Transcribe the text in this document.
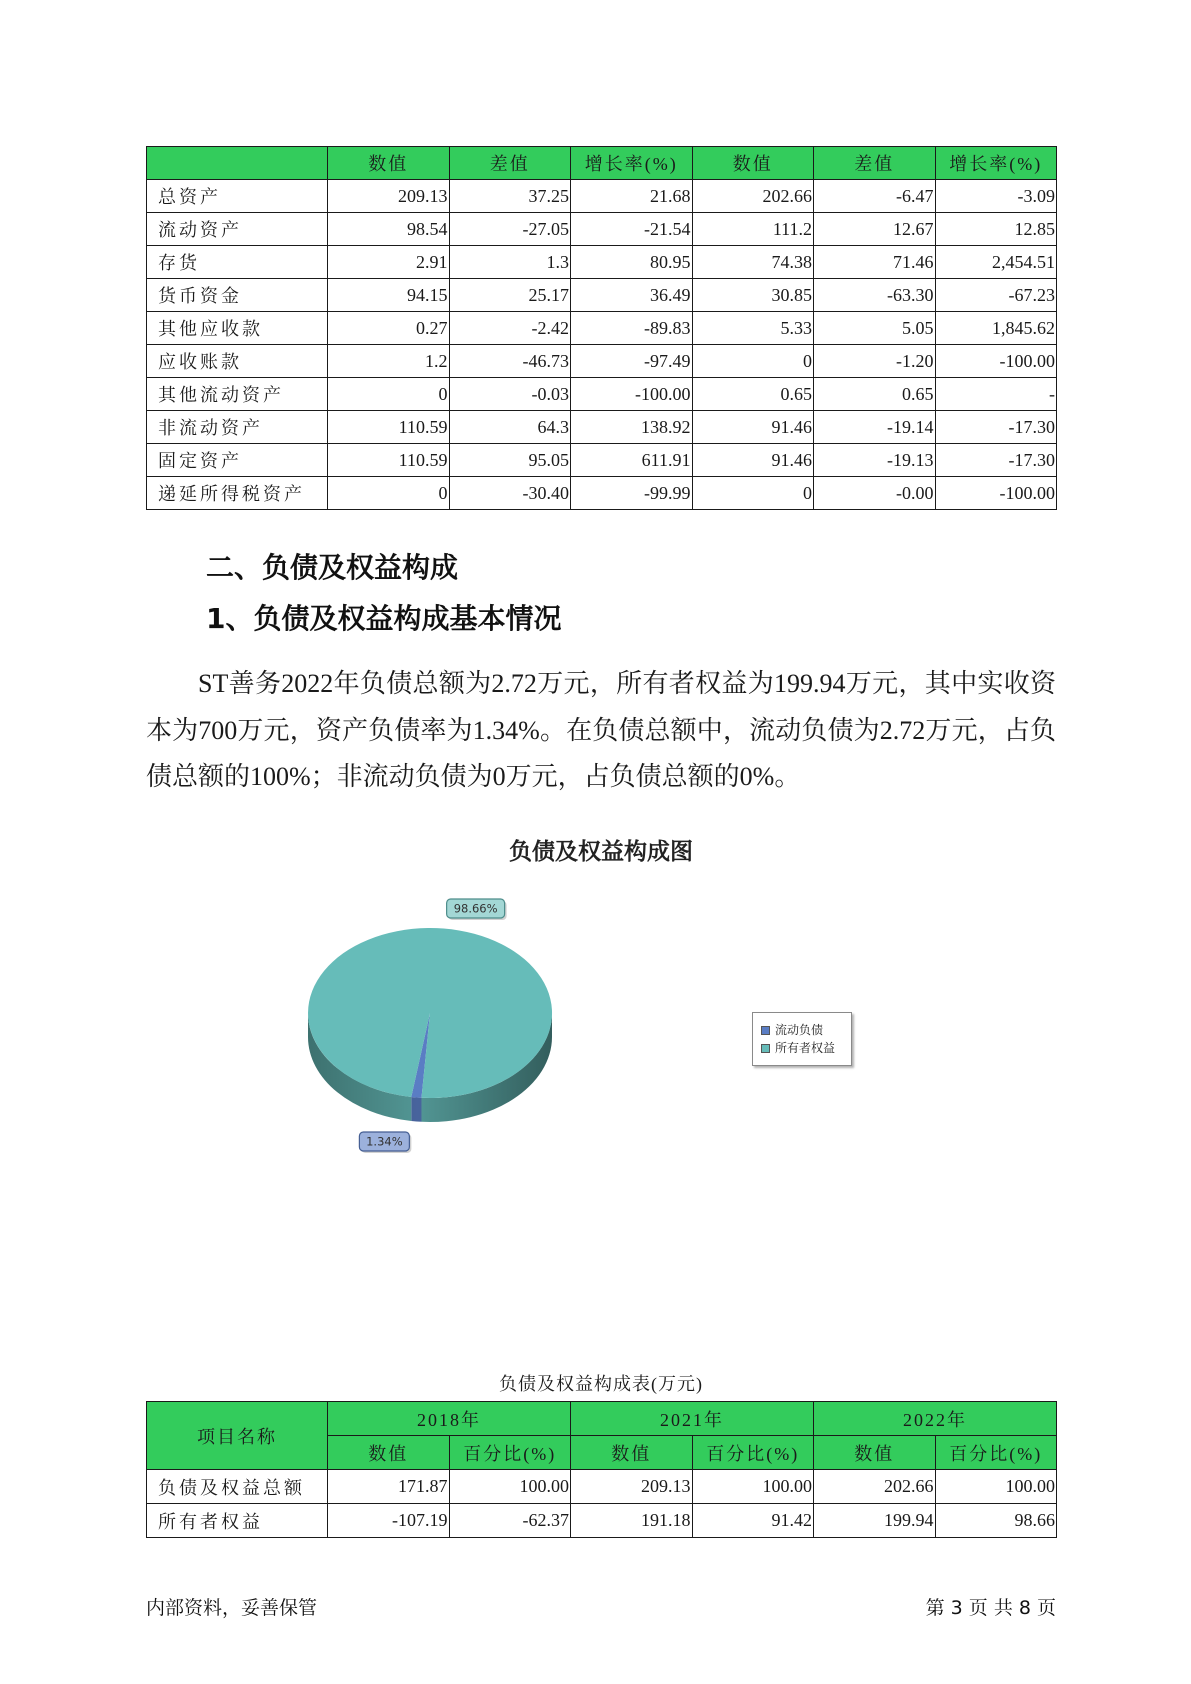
	数值	差值	增长率(%)	数值	差值	增长率(%)
总资产	209.13	37.25	21.68	202.66	-6.47	-3.09
流动资产	98.54	-27.05	-21.54	111.2	12.67	12.85
存货	2.91	1.3	80.95	74.38	71.46	2,454.51
货币资金	94.15	25.17	36.49	30.85	-63.30	-67.23
其他应收款	0.27	-2.42	-89.83	5.33	5.05	1,845.62
应收账款	1.2	-46.73	-97.49	0	-1.20	-100.00
其他流动资产	0	-0.03	-100.00	0.65	0.65	-
非流动资产	110.59	64.3	138.92	91.46	-19.14	-17.30
固定资产	110.59	95.05	611.91	91.46	-19.13	-17.30
递延所得税资产	0	-30.40	-99.99	0	-0.00	-100.00
二、负债及权益构成
1、负债及权益构成基本情况

ST善务2022年负债总额为2.72万元，所有者权益为199.94万元，其中实收资本为700万元，资产负债率为1.34%。在负债总额中，流动负债为2.72万元，占负债总额的100%；非流动负债为0万元，占负债总额的0%。

负债及权益构成图
1.34%
98.66%
流动负债
所有者权益
负债及权益构成表(万元)
项目名称	2018年		2021年		2022年	
	数值	百分比(%)	数值	百分比(%)	数值	百分比(%)
负债及权益总额	171.87	100.00	209.13	100.00	202.66	100.00
所有者权益	-107.19	-62.37	191.18	91.42	199.94	98.66
内部资料，妥善保管	第 3 页 共 8 页
